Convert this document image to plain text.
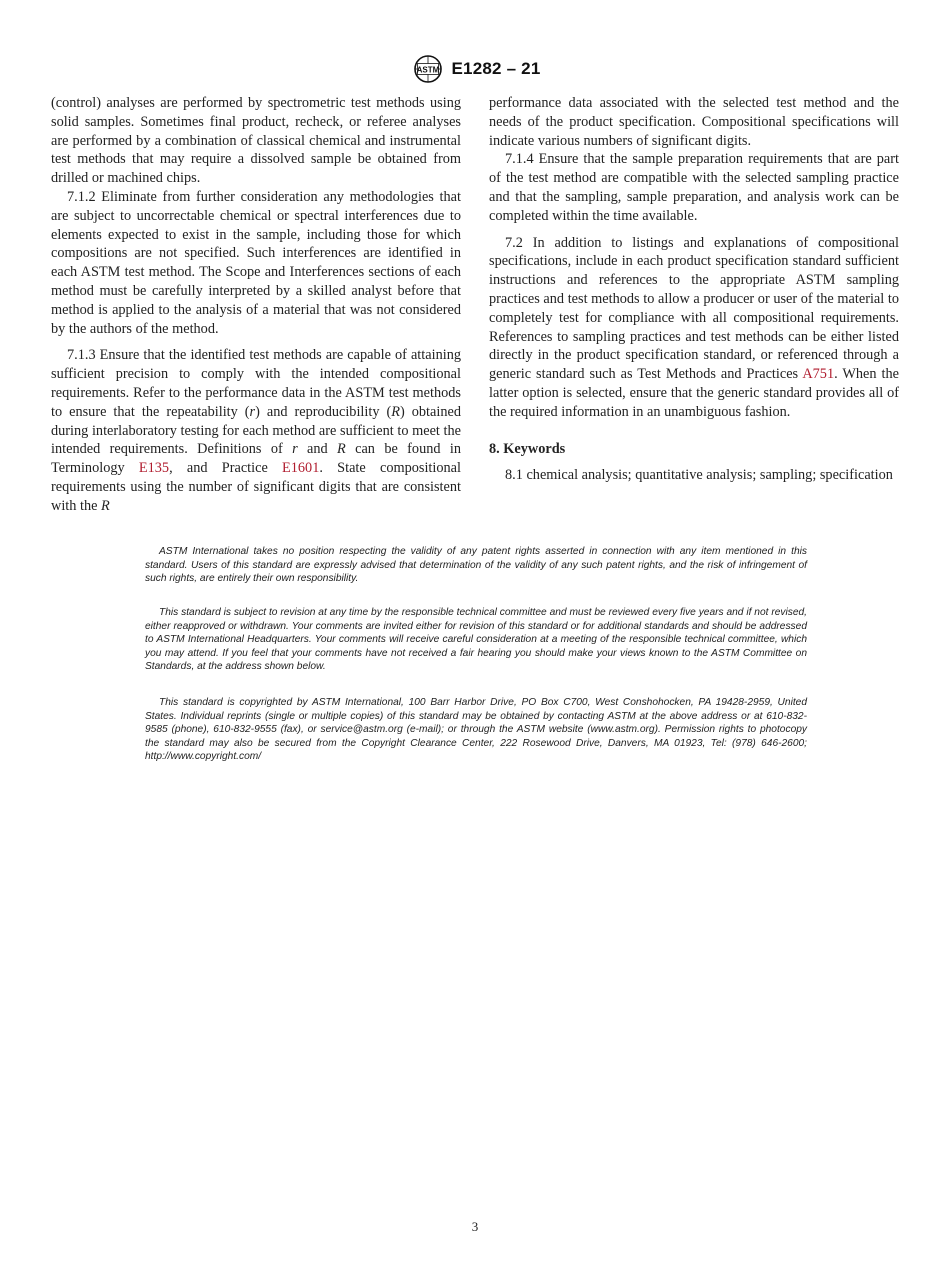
ASTM E1282 – 21

(control) analyses are performed by spectrometric test methods using solid samples. Sometimes final product, recheck, or referee analyses are performed by a combination of classical chemical and instrumental test methods that may require a dissolved sample be obtained from drilled or machined chips.

7.1.2 Eliminate from further consideration any methodologies that are subject to uncorrectable chemical or spectral interferences due to elements expected to exist in the sample, including those for which compositions are not specified. Such interferences are identified in each ASTM test method. The Scope and Interferences sections of each method must be carefully interpreted by a skilled analyst before that method is applied to the analysis of a material that was not considered by the authors of the method.

7.1.3 Ensure that the identified test methods are capable of attaining sufficient precision to comply with the intended compositional requirements. Refer to the performance data in the ASTM test methods to ensure that the repeatability (r) and reproducibility (R) obtained during interlaboratory testing for each method are sufficient to meet the intended requirements. Definitions of r and R can be found in Terminology E135, and Practice E1601. State compositional requirements using the number of significant digits that are consistent with the R

performance data associated with the selected test method and the needs of the product specification. Compositional specifications will indicate various numbers of significant digits.

7.1.4 Ensure that the sample preparation requirements that are part of the test method are compatible with the selected sampling practice and that the sampling, sample preparation, and analysis work can be completed within the time available.

7.2 In addition to listings and explanations of compositional specifications, include in each product specification standard sufficient instructions and references to the appropriate ASTM sampling practices and test methods to allow a producer or user of the material to completely test for compliance with all compositional requirements. References to sampling practices and test methods can be either listed directly in the product specification standard, or referenced through a generic standard such as Test Methods and Practices A751. When the latter option is selected, ensure that the generic standard provides all of the required information in an unambiguous fashion.

8. Keywords

8.1 chemical analysis; quantitative analysis; sampling; specification

ASTM International takes no position respecting the validity of any patent rights asserted in connection with any item mentioned in this standard. Users of this standard are expressly advised that determination of the validity of any such patent rights, and the risk of infringement of such rights, are entirely their own responsibility.

This standard is subject to revision at any time by the responsible technical committee and must be reviewed every five years and if not revised, either reapproved or withdrawn. Your comments are invited either for revision of this standard or for additional standards and should be addressed to ASTM International Headquarters. Your comments will receive careful consideration at a meeting of the responsible technical committee, which you may attend. If you feel that your comments have not received a fair hearing you should make your views known to the ASTM Committee on Standards, at the address shown below.

This standard is copyrighted by ASTM International, 100 Barr Harbor Drive, PO Box C700, West Conshohocken, PA 19428-2959, United States. Individual reprints (single or multiple copies) of this standard may be obtained by contacting ASTM at the above address or at 610-832-9585 (phone), 610-832-9555 (fax), or service@astm.org (e-mail); or through the ASTM website (www.astm.org). Permission rights to photocopy the standard may also be secured from the Copyright Clearance Center, 222 Rosewood Drive, Danvers, MA 01923, Tel: (978) 646-2600; http://www.copyright.com/

3
